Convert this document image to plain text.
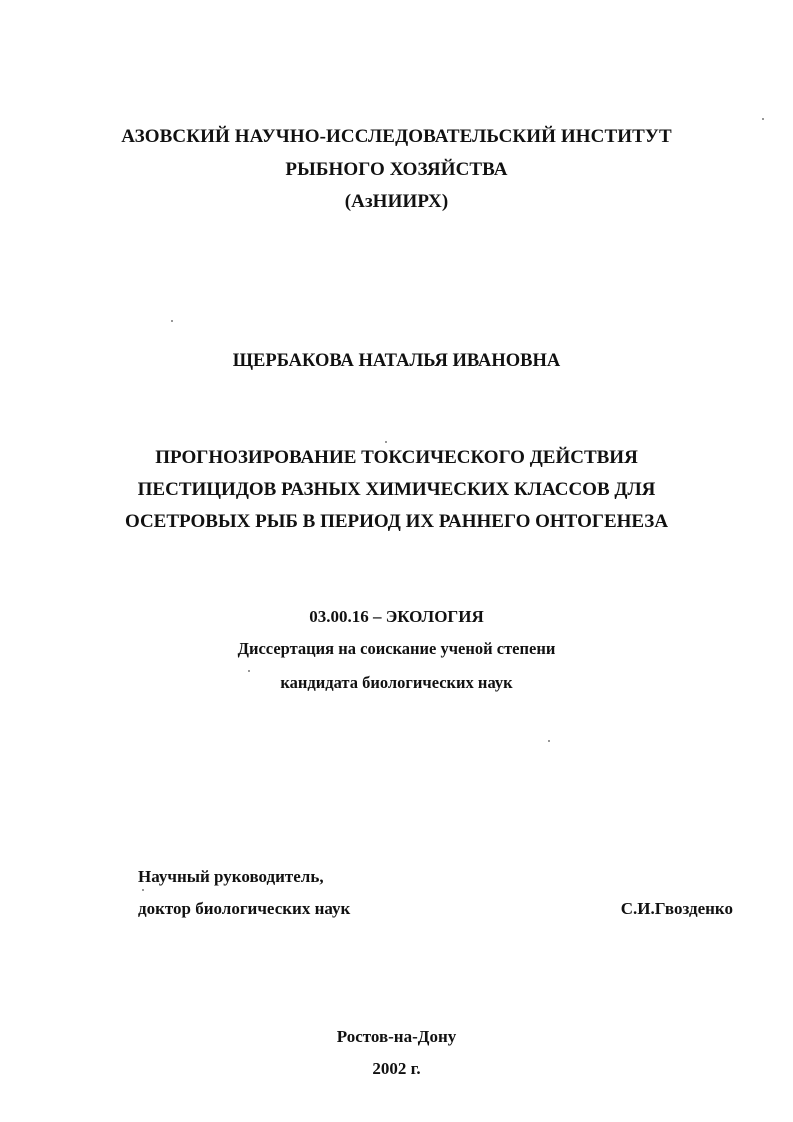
АЗОВСКИЙ НАУЧНО-ИССЛЕДОВАТЕЛЬСКИЙ ИНСТИТУТ
РЫБНОГО ХОЗЯЙСТВА
(АзНИИРХ)
ЩЕРБАКОВА НАТАЛЬЯ ИВАНОВНА
ПРОГНОЗИРОВАНИЕ ТОКСИЧЕСКОГО ДЕЙСТВИЯ
ПЕСТИЦИДОВ РАЗНЫХ ХИМИЧЕСКИХ КЛАССОВ ДЛЯ
ОСЕТРОВЫХ РЫБ В ПЕРИОД ИХ РАННЕГО ОНТОГЕНЕЗА
03.00.16 – ЭКОЛОГИЯ
Диссертация на соискание ученой степени
кандидата биологических наук
Научный руководитель,
доктор биологических наук	С.И.Гвозденко
Ростов-на-Дону
2002 г.
